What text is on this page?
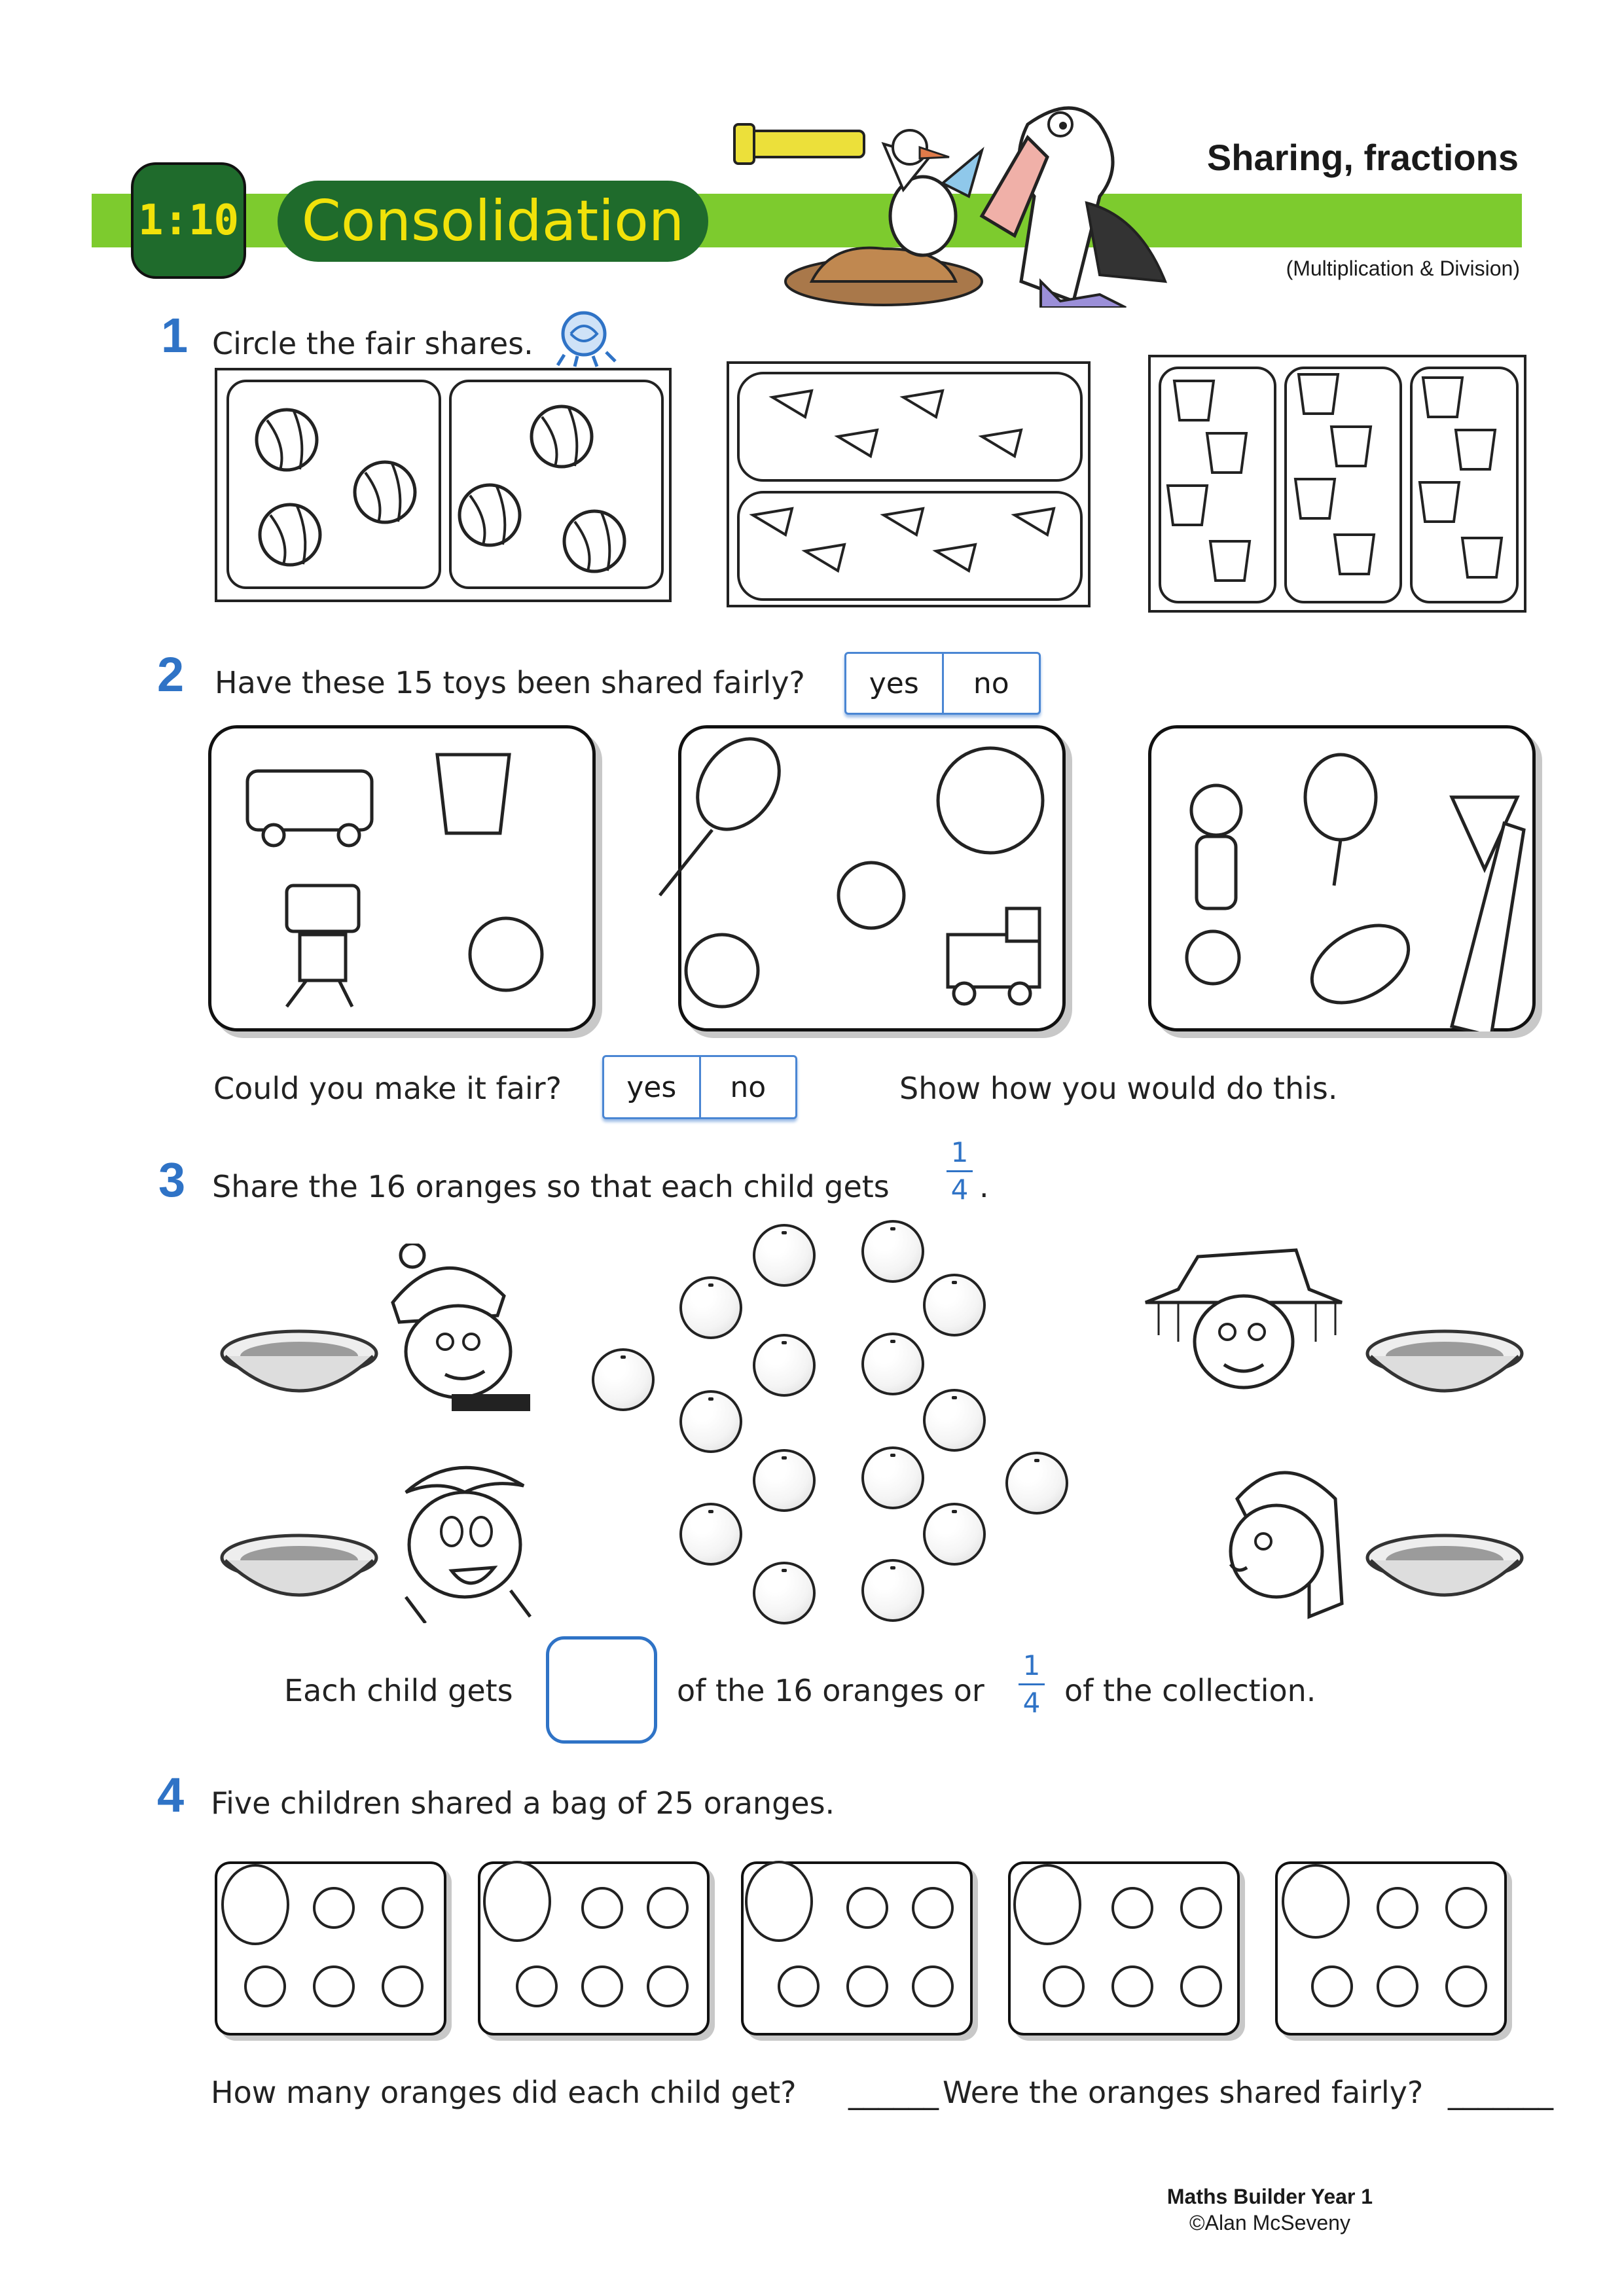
1:10	Consolidation
Sharing, fractions
(Multiplication & Division)
1 Circle the fair shares.
2 Have these 15 toys been shared fairly?	yes	no
Could you make it fair?	yes	no	Show how you would do this.
3 Share the 16 oranges so that each child gets
1
4 .
Each child gets	of the 16 oranges or
1
4 of the collection.
4 Five children shared a bag of 25 oranges.
How many oranges did each child get? ______ Were the oranges shared fairly? _______
Maths Builder Year 1
©Alan McSeveny
